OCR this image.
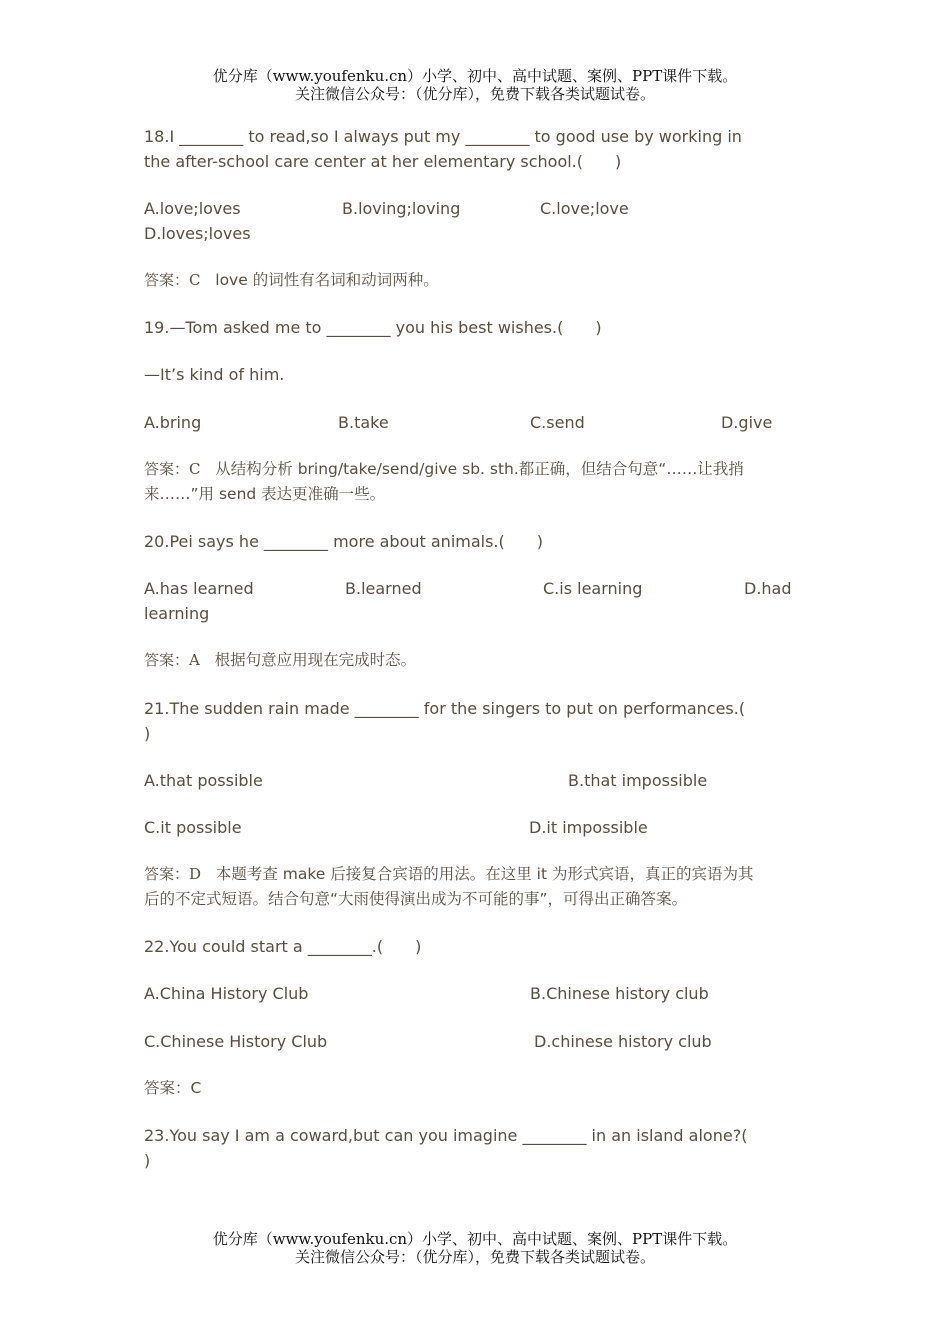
优分库（www.youfenku.cn）小学、初中、高中试题、案例、PPT课件下载。
关注微信公众号：（优分库），免费下载各类试题试卷。
18.I ________ to read,so I always put my ________ to good use by working in
the after-school care center at her elementary school.(　　)
A.love;loves	B.loving;loving	C.love;love
D.loves;loves
答案：C love 的词性有名词和动词两种。
19.—Tom asked me to ________ you his best wishes.(　　)
—It’s kind of him.
A.bring	B.take	C.send	D.give
答案：C 从结构分析 bring/take/send/give sb. sth.都正确，但结合句意“……让我捎
来……”用 send 表达更准确一些。
20.Pei says he ________ more about animals.(　　)
A.has learned	B.learned	C.is learning	D.had
learning
答案：A 根据句意应用现在完成时态。
21.The sudden rain made ________ for the singers to put on performances.(
)
A.that possible	B.that impossible
C.it possible	D.it impossible
答案：D 本题考查 make 后接复合宾语的用法。在这里 it 为形式宾语，真正的宾语为其
后的不定式短语。结合句意“大雨使得演出成为不可能的事”，可得出正确答案。
22.You could start a ________.(　　)
A.China History Club	B.Chinese history club
C.Chinese History Club	D.chinese history club
答案：C
23.You say I am a coward,but can you imagine ________ in an island alone?(
)
优分库（www.youfenku.cn）小学、初中、高中试题、案例、PPT课件下载。
关注微信公众号：（优分库），免费下载各类试题试卷。
